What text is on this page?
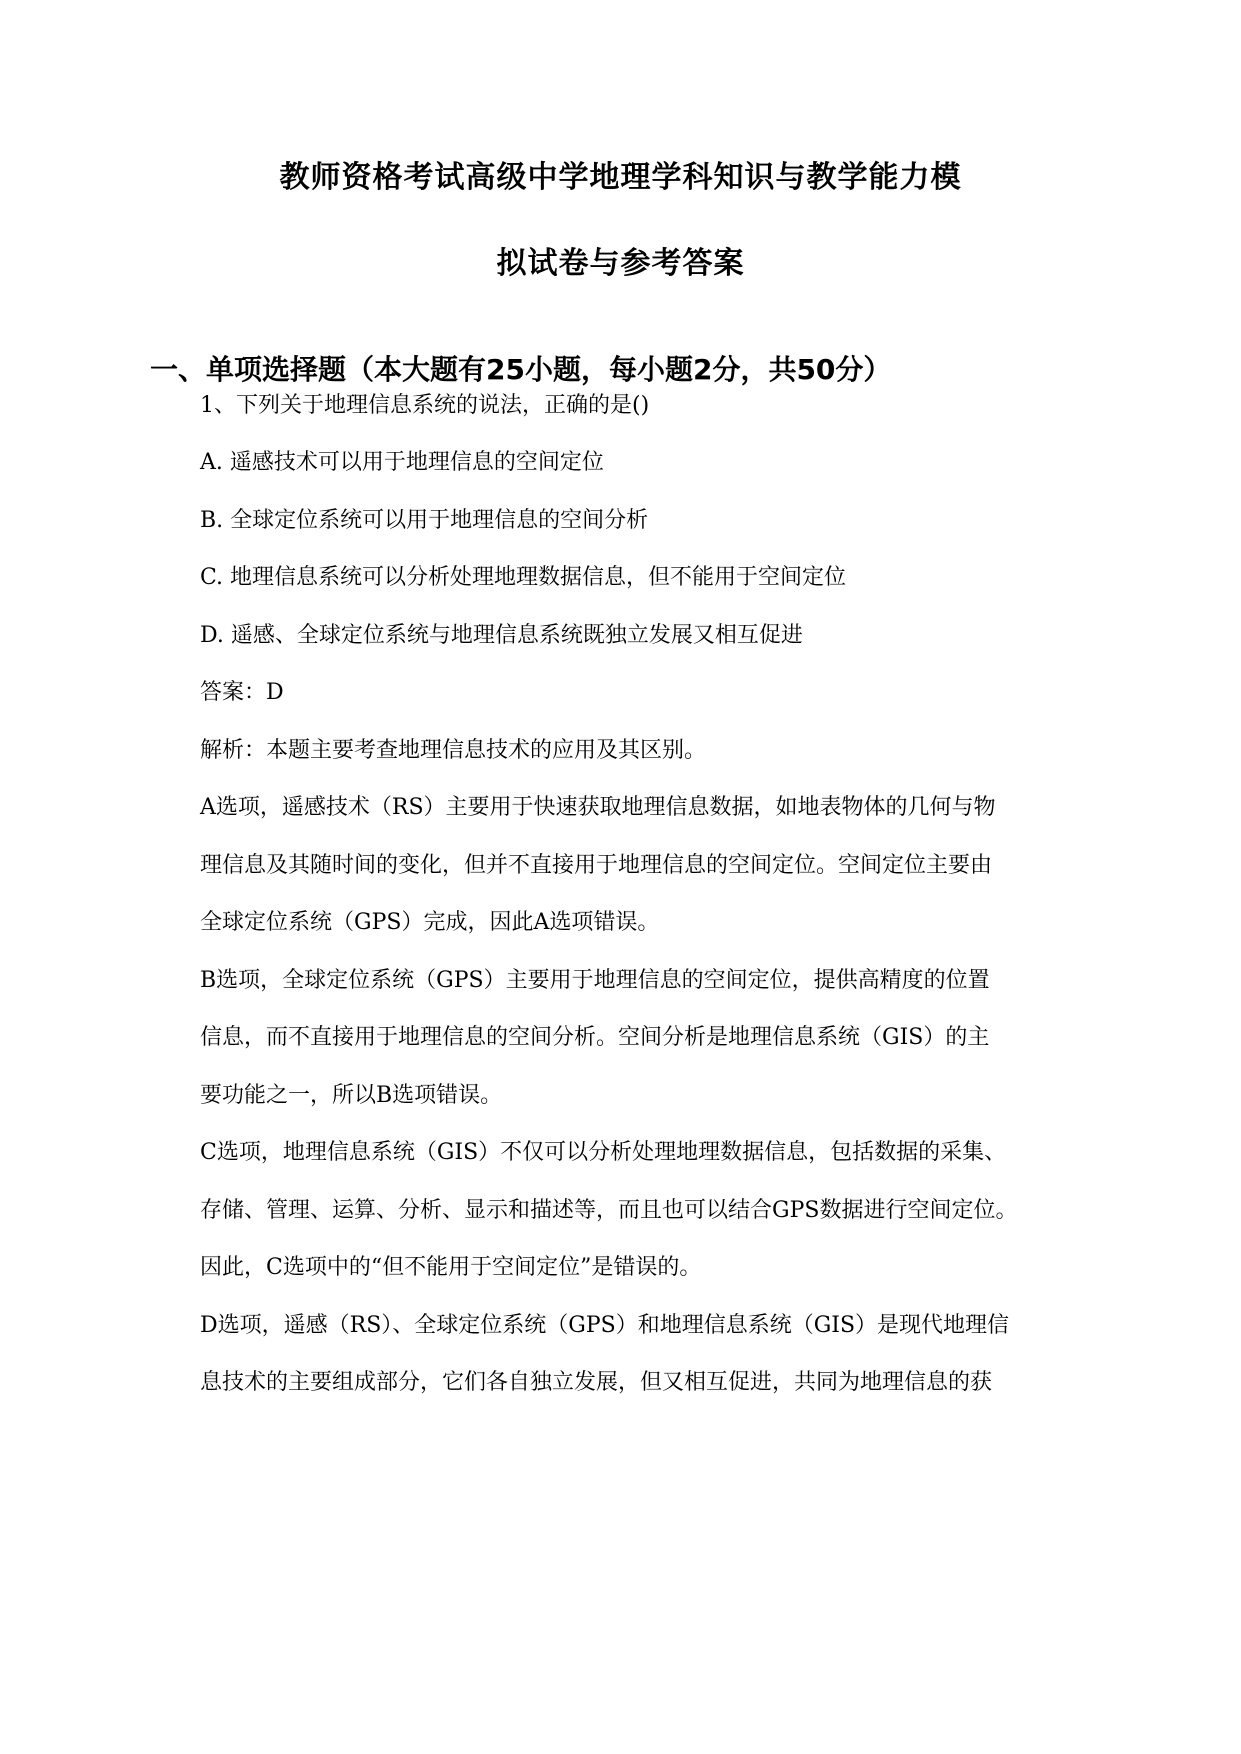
教师资格考试高级中学地理学科知识与教学能力模
拟试卷与参考答案
一、单项选择题（本大题有25小题，每小题2分，共50分）
1、下列关于地理信息系统的说法，正确的是()
A. 遥感技术可以用于地理信息的空间定位
B. 全球定位系统可以用于地理信息的空间分析
C. 地理信息系统可以分析处理地理数据信息，但不能用于空间定位
D. 遥感、全球定位系统与地理信息系统既独立发展又相互促进
答案：D
解析：本题主要考查地理信息技术的应用及其区别。
A选项，遥感技术（RS）主要用于快速获取地理信息数据，如地表物体的几何与物
理信息及其随时间的变化，但并不直接用于地理信息的空间定位。空间定位主要由
全球定位系统（GPS）完成，因此A选项错误。
B选项，全球定位系统（GPS）主要用于地理信息的空间定位，提供高精度的位置
信息，而不直接用于地理信息的空间分析。空间分析是地理信息系统（GIS）的主
要功能之一，所以B选项错误。
C选项，地理信息系统（GIS）不仅可以分析处理地理数据信息，包括数据的采集、
存储、管理、运算、分析、显示和描述等，而且也可以结合GPS数据进行空间定位。
因此，C选项中的“但不能用于空间定位”是错误的。
D选项，遥感（RS）、全球定位系统（GPS）和地理信息系统（GIS）是现代地理信
息技术的主要组成部分，它们各自独立发展，但又相互促进，共同为地理信息的获
